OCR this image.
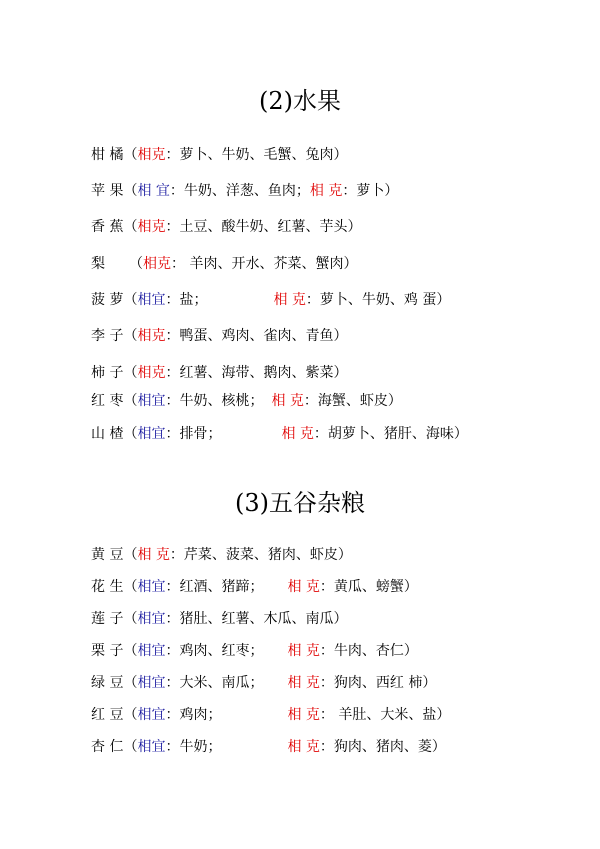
(2)水果
柑 橘（相克：萝卜、牛奶、毛蟹、兔肉）
苹 果（相 宜：牛奶、洋葱、鱼肉；相 克：萝卜）
香 蕉（相克：土豆、酸牛奶、红薯、芋头）
梨 （相克： 羊肉、开水、芥菜、蟹肉）
菠 萝（相宜：盐；	相 克：萝卜、牛奶、鸡 蛋）
李 子（相克：鸭蛋、鸡肉、雀肉、青鱼）
柿 子（相克：红薯、海带、鹅肉、紫菜）
红 枣（相宜：牛奶、核桃； 相 克：海蟹、虾皮）
山 楂（相宜：排骨；	相 克：胡萝卜、猪肝、海味）
(3)五谷杂粮
黄 豆（相 克：芹菜、菠菜、猪肉、虾皮）
花 生（相宜：红酒、猪蹄； 相 克：黄瓜、螃蟹）
莲 子（相宜：猪肚、红薯、木瓜、南瓜）
栗 子（相宜：鸡肉、红枣； 相 克：牛肉、杏仁）
绿 豆（相宜：大米、南瓜； 相 克：狗肉、西红 柿）
红 豆（相宜：鸡肉；	相 克： 羊肚、大米、盐）
杏 仁（相宜：牛奶；	相 克：狗肉、猪肉、菱）
